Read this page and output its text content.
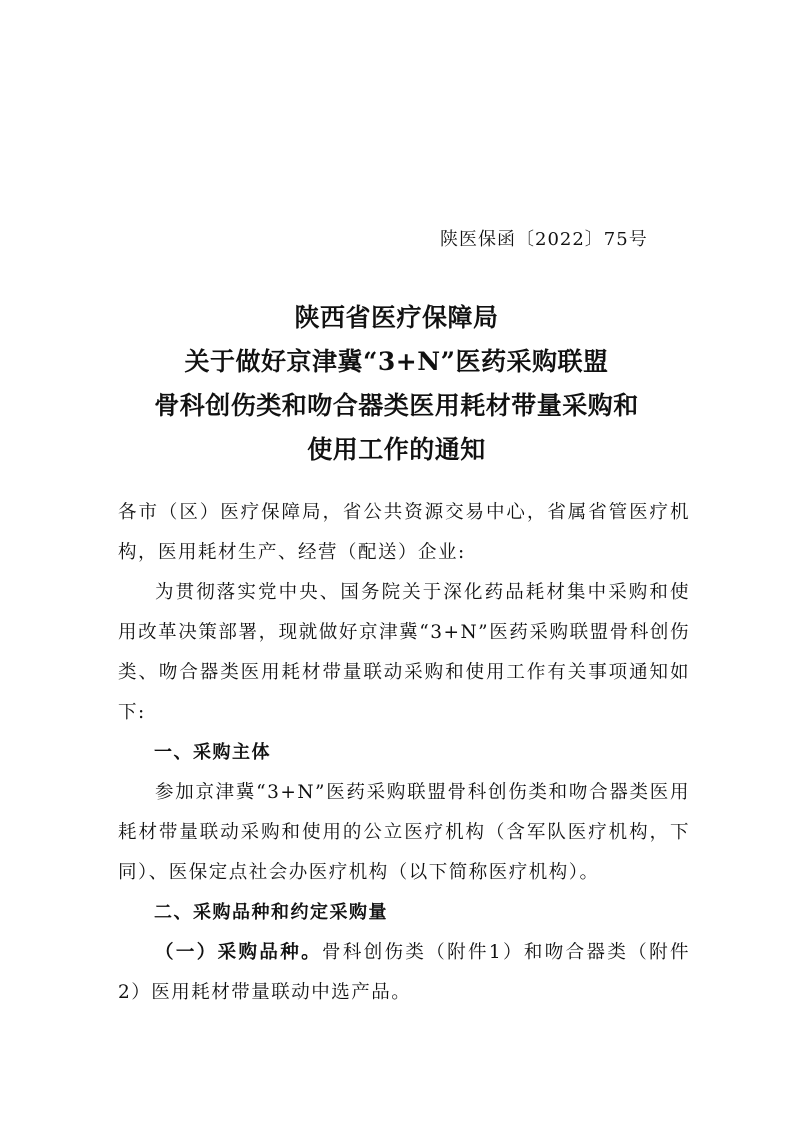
陕医保函〔2022〕75号
陕西省医疗保障局
关于做好京津冀“3+N”医药采购联盟
骨科创伤类和吻合器类医用耗材带量采购和
使用工作的通知

各市（区）医疗保障局，省公共资源交易中心，省属省管医疗机构，医用耗材生产、经营（配送）企业:

为贯彻落实党中央、国务院关于深化药品耗材集中采购和使用改革决策部署，现就做好京津冀“3+N”医药采购联盟骨科创伤类、吻合器类医用耗材带量联动采购和使用工作有关事项通知如下:

一、采购主体

参加京津冀“3+N”医药采购联盟骨科创伤类和吻合器类医用耗材带量联动采购和使用的公立医疗机构（含军队医疗机构，下同）、医保定点社会办医疗机构（以下简称医疗机构）。

二、采购品种和约定采购量

（一）采购品种。骨科创伤类（附件1）和吻合器类（附件2）医用耗材带量联动中选产品。
